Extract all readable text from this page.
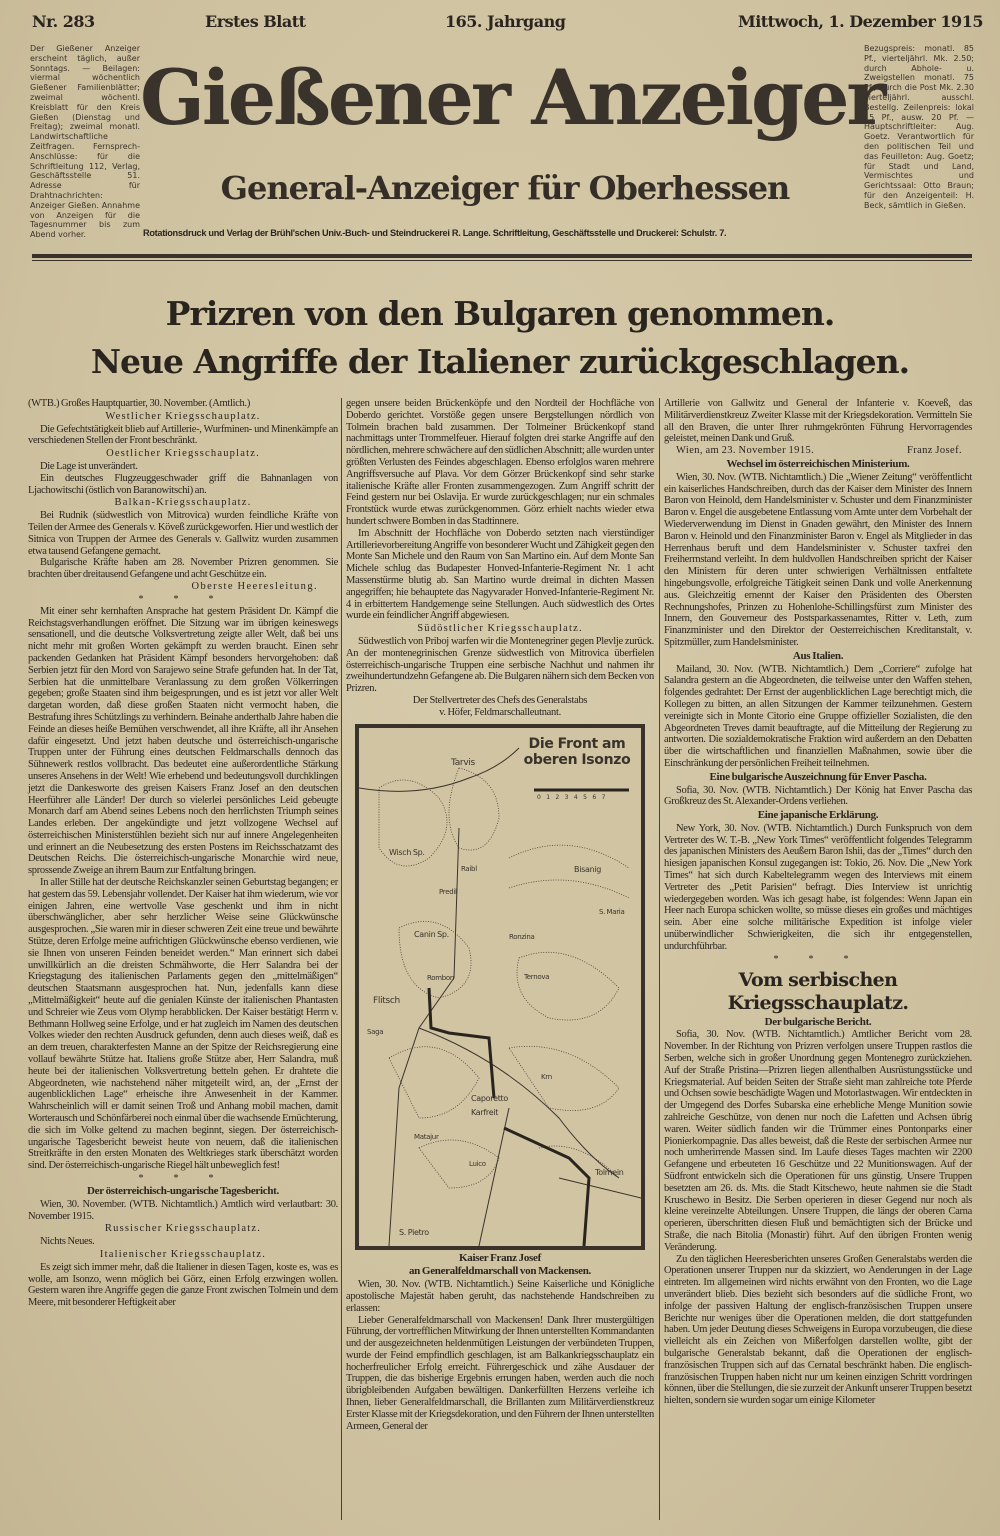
Nr. 283	Erstes Blatt	165. Jahrgang	Mittwoch, 1. Dezember 1915
Der Gießener Anzeiger erscheint täglich, außer Sonntags. — Beilagen: viermal wöchentlich Gießener Familienblätter; zweimal wöchentl. Kreisblatt für den Kreis Gießen (Dienstag und Freitag); zweimal monatl. Landwirtschaftliche Zeitfragen. Fernsprech-Anschlüsse: für die Schriftleitung 112, Verlag, Geschäftsstelle 51. Adresse für Drahtnachrichten: Anzeiger Gießen. Annahme von Anzeigen für die Tagesnummer bis zum Abend vorher.
Bezugspreis: monatl. 85 Pf., vierteljährl. Mk. 2.50; durch Abhole- u. Zweigstellen monatl. 75 Pf.; durch die Post Mk. 2.30 vierteljährl. ausschl. Bestellg. Zeilenpreis: lokal 15 Pf., ausw. 20 Pf. — Hauptschriftleiter: Aug. Goetz. Verantwortlich für den politischen Teil und das Feuilleton: Aug. Goetz; für Stadt und Land, Vermischtes und Gerichtssaal: Otto Braun; für den Anzeigenteil: H. Beck, sämtlich in Gießen.
Gießener Anzeiger
General-Anzeiger für Oberhessen
Rotationsdruck und Verlag der Brühl'schen Univ.-Buch- und Steindruckerei R. Lange. Schriftleitung, Geschäftsstelle und Druckerei: Schulstr. 7.
Prizren von den Bulgaren genommen.
Neue Angriffe der Italiener zurückgeschlagen.

(WTB.) Großes Hauptquartier, 30. November. (Amtlich.)

Westlicher Kriegsschauplatz.

Die Gefechtstätigkeit blieb auf Artillerie-, Wurfminen- und Minenkämpfe an verschiedenen Stellen der Front beschränkt.

Oestlicher Kriegsschauplatz.

Die Lage ist unverändert.

Ein deutsches Flugzeuggeschwader griff die Bahnanlagen von Ljachowitschi (östlich von Baranowitschi) an.

Balkan-Kriegsschauplatz.

Bei Rudnik (südwestlich von Mitrovica) wurden feindliche Kräfte von Teilen der Armee des Generals v. Köveß zurückgeworfen. Hier und westlich der Sitnica von Truppen der Armee des Generals v. Gallwitz wurden zusammen etwa tausend Gefangene gemacht.

Bulgarische Kräfte haben am 28. November Prizren genommen. Sie brachten über dreitausend Gefangene und acht Geschütze ein.

Oberste Heeresleitung.
* * *

Mit einer sehr kernhaften Ansprache hat gestern Präsident Dr. Kämpf die Reichstagsverhandlungen eröffnet. Die Sitzung war im übrigen keineswegs sensationell, und die deutsche Volksvertretung zeigte aller Welt, daß bei uns nicht mehr mit großen Worten gekämpft zu werden braucht. Einen sehr packenden Gedanken hat Präsident Kämpf besonders hervorgehoben: daß Serbien jetzt für den Mord von Sarajewo seine Strafe gefunden hat. In der Tat, Serbien hat die unmittelbare Veranlassung zu dem großen Völkerringen gegeben; große Staaten sind ihm beigesprungen, und es ist jetzt vor aller Welt dargetan worden, daß diese großen Staaten nicht vermocht haben, die Bestrafung ihres Schützlings zu verhindern. Beinahe anderthalb Jahre haben die Feinde an dieses heiße Bemühen verschwendet, all ihre Kräfte, all ihr Ansehen dafür eingesetzt. Und jetzt haben deutsche und österreichisch-ungarische Truppen unter der Führung eines deutschen Feldmarschalls dennoch das Sühnewerk restlos vollbracht. Das bedeutet eine außerordentliche Stärkung unseres Ansehens in der Welt! Wie erhebend und bedeutungsvoll durchklingen jetzt die Dankesworte des greisen Kaisers Franz Josef an den deutschen Heerführer alle Länder! Der durch so vielerlei persönliches Leid gebeugte Monarch darf am Abend seines Lebens noch den herrlichsten Triumph seines Landes erleben. Der angekündigte und jetzt vollzogene Wechsel auf österreichischen Ministerstühlen bezieht sich nur auf innere Angelegenheiten und erinnert an die Neubesetzung des ersten Postens im Reichsschatzamt des Deutschen Reichs. Die österreichisch-ungarische Monarchie wird neue, sprossende Zweige an ihrem Baum zur Entfaltung bringen.

In aller Stille hat der deutsche Reichskanzler seinen Geburtstag begangen; er hat gestern das 59. Lebensjahr vollendet. Der Kaiser hat ihm wiederum, wie vor einigen Jahren, eine wertvolle Vase geschenkt und ihm in nicht überschwänglicher, aber sehr herzlicher Weise seine Glückwünsche ausgesprochen. „Sie waren mir in dieser schweren Zeit eine treue und bewährte Stütze, deren Erfolge meine aufrichtigen Glückwünsche ebenso verdienen, wie sie Ihnen von unseren Feinden beneidet werden.“ Man erinnert sich dabei unwillkürlich an die dreisten Schmähworte, die Herr Salandra bei der Kriegstagung des italienischen Parlaments gegen den „mittelmäßigen“ deutschen Staatsmann ausgesprochen hat. Nun, jedenfalls kann diese „Mittelmäßigkeit“ heute auf die genialen Künste der italienischen Phantasten und Schreier wie Zeus vom Olymp herabblicken. Der Kaiser bestätigt Herrn v. Bethmann Hollweg seine Erfolge, und er hat zugleich im Namen des deutschen Volkes wieder den rechten Ausdruck gefunden, denn auch dieses weiß, daß es an dem treuen, charakterfesten Manne an der Spitze der Reichsregierung eine vollauf bewährte Stütze hat. Italiens große Stütze aber, Herr Salandra, muß heute bei der italienischen Volksvertretung betteln gehen. Er drahtete die Abgeordneten, wie nachstehend näher mitgeteilt wird, an, der „Ernst der augenblicklichen Lage“ erheische ihre Anwesenheit in der Kammer. Wahrscheinlich will er damit seinen Troß und Anhang mobil machen, damit Worterausch und Schönfärberei noch einmal über die wachsende Ernüchterung, die sich im Volke geltend zu machen beginnt, siegen. Der österreichisch-ungarische Tagesbericht beweist heute von neuem, daß die italienischen Streitkräfte in den ersten Monaten des Weltkrieges stark überschätzt worden sind. Der österreichisch-ungarische Riegel hält unbeweglich fest!

* * *
Der österreichisch-ungarische Tagesbericht.

Wien, 30. November. (WTB. Nichtamtlich.) Amtlich wird verlautbart: 30. November 1915.

Russischer Kriegsschauplatz.

Nichts Neues.

Italienischer Kriegsschauplatz.

Es zeigt sich immer mehr, daß die Italiener in diesen Tagen, koste es, was es wolle, am Isonzo, wenn möglich bei Görz, einen Erfolg erzwingen wollen. Gestern waren ihre Angriffe gegen die ganze Front zwischen Tolmein und dem Meere, mit besonderer Heftigkeit aber

gegen unsere beiden Brückenköpfe und den Nordteil der Hochfläche von Doberdo gerichtet. Vorstöße gegen unsere Bergstellungen nördlich von Tolmein brachen bald zusammen. Der Tolmeiner Brückenkopf stand nachmittags unter Trommelfeuer. Hierauf folgten drei starke Angriffe auf den nördlichen, mehrere schwächere auf den südlichen Abschnitt; alle wurden unter größten Verlusten des Feindes abgeschlagen. Ebenso erfolglos waren mehrere Angriffsversuche auf Plava. Vor dem Görzer Brückenkopf sind sehr starke italienische Kräfte aller Fronten zusammengezogen. Zum Angriff schritt der Feind gestern nur bei Oslavija. Er wurde zurückgeschlagen; nur ein schmales Frontstück wurde etwas zurückgenommen. Görz erhielt nachts wieder etwa hundert schwere Bomben in das Stadtinnere.

Im Abschnitt der Hochfläche von Doberdo setzten nach vierstündiger Artillerievorbereitung Angriffe von besonderer Wucht und Zähigkeit gegen den Monte San Michele und den Raum von San Martino ein. Auf dem Monte San Michele schlug das Budapester Honved-Infanterie-Regiment Nr. 1 acht Massenstürme blutig ab. San Martino wurde dreimal in dichten Massen angegriffen; hie behauptete das Nagyvarader Honved-Infanterie-Regiment Nr. 4 in erbittertem Handgemenge seine Stellungen. Auch südwestlich des Ortes wurde ein feindlicher Angriff abgewiesen.

Südöstlicher Kriegsschauplatz.

Südwestlich von Priboj warfen wir die Montenegriner gegen Plevlje zurück. An der montenegrinischen Grenze südwestlich von Mitrovica überfielen österreichisch-ungarische Truppen eine serbische Nachhut und nahmen ihr zweihundertundzehn Gefangene ab. Die Bulgaren nähern sich dem Becken von Prizren.

Der Stellvertreter des Chefs des Generalstabs
v. Höfer, Feldmarschalleutnant.
Die Front am oberen Isonzo
0 1 2 3 4 5 6 7
Tarvis
Wisch Sp.
Raibl
Predil
Bisanig
Canin Sp.
Rombon
Flitsch
Saga
Caporetto
Karfreit
Krn
Matajur
Tolmein
S. Pietro
Luico
Ronzina
Ternova
S. Maria
Kaiser Franz Josef
an Generalfeldmarschall von Mackensen.

Wien, 30. Nov. (WTB. Nichtamtlich.) Seine Kaiserliche und Königliche apostolische Majestät haben geruht, das nachstehende Handschreiben zu erlassen:

Lieber Generalfeldmarschall von Mackensen! Dank Ihrer mustergültigen Führung, der vortrefflichen Mitwirkung der Ihnen unterstellten Kommandanten und der ausgezeichneten heldenmütigen Leistungen der verbündeten Truppen, wurde der Feind empfindlich geschlagen, ist am Balkankriegsschauplatz ein hocherfreulicher Erfolg erreicht. Führergeschick und zähe Ausdauer der Truppen, die das bisherige Ergebnis errungen haben, werden auch die noch übrigbleibenden Aufgaben bewältigen. Dankerfüllten Herzens verleihe ich Ihnen, lieber Generalfeldmarschall, die Brillanten zum Militärverdienstkreuz Erster Klasse mit der Kriegsdekoration, und den Führern der Ihnen unterstellten Armeen, General der

Artillerie von Gallwitz und General der Infanterie v. Koeveß, das Militärverdienstkreuz Zweiter Klasse mit der Kriegsdekoration. Vermitteln Sie all den Braven, die unter Ihrer ruhmgekrönten Führung Hervorragendes geleistet, meinen Dank und Gruß.

Wien, am 23. November 1915.	Franz Josef.
Wechsel im österreichischen Ministerium.

Wien, 30. Nov. (WTB. Nichtamtlich.) Die „Wiener Zeitung“ veröffentlicht ein kaiserliches Handschreiben, durch das der Kaiser dem Minister des Innern Baron von Heinold, dem Handelsminister v. Schuster und dem Finanzminister Baron v. Engel die ausgebetene Entlassung vom Amte unter dem Vorbehalt der Wiederverwendung im Dienst in Gnaden gewährt, den Minister des Innern Baron v. Heinold und den Finanzminister Baron v. Engel als Mitglieder in das Herrenhaus beruft und dem Handelsminister v. Schuster taxfrei den Freiherrnstand verleiht. In dem huldvollen Handschreiben spricht der Kaiser den Ministern für deren unter schwierigen Verhältnissen entfaltete hingebungsvolle, erfolgreiche Tätigkeit seinen Dank und volle Anerkennung aus. Gleichzeitig ernennt der Kaiser den Präsidenten des Obersten Rechnungshofes, Prinzen zu Hohenlohe-Schillingsfürst zum Minister des Innern, den Gouverneur des Postsparkassenamtes, Ritter v. Leth, zum Finanzminister und den Direktor der Oesterreichischen Kreditanstalt, v. Spitzmüller, zum Handelsminister.

Aus Italien.

Mailand, 30. Nov. (WTB. Nichtamtlich.) Dem „Corriere“ zufolge hat Salandra gestern an die Abgeordneten, die teilweise unter den Waffen stehen, folgendes gedrahtet: Der Ernst der augenblicklichen Lage berechtigt mich, die Kollegen zu bitten, an allen Sitzungen der Kammer teilzunehmen. Gestern vereinigte sich in Monte Citorio eine Gruppe offizieller Sozialisten, die den Abgeordneten Treves damit beauftragte, auf die Mitteilung der Regierung zu antworten. Die sozialdemokratische Fraktion wird außerdem an den Debatten über die wirtschaftlichen und finanziellen Maßnahmen, sowie über die Einschränkung der persönlichen Freiheit teilnehmen.

Eine bulgarische Auszeichnung für Enver Pascha.

Sofia, 30. Nov. (WTB. Nichtamtlich.) Der König hat Enver Pascha das Großkreuz des St. Alexander-Ordens verliehen.

Eine japanische Erklärung.

New York, 30. Nov. (WTB. Nichtamtlich.) Durch Funkspruch von dem Vertreter des W. T.-B. „New York Times“ veröffentlicht folgendes Telegramm des japanischen Ministers des Aeußern Baron Ishii, das der „Times“ durch den hiesigen japanischen Konsul zugegangen ist: Tokio, 26. Nov. Die „New York Times“ hat sich durch Kabeltelegramm wegen des Interviews mit einem Vertreter des „Petit Parisien“ befragt. Dies Interview ist unrichtig wiedergegeben worden. Was ich gesagt habe, ist folgendes: Wenn Japan ein Heer nach Europa schicken wollte, so müsse dieses ein großes und mächtiges sein. Aber eine solche militärische Expedition ist infolge vieler unüberwindlicher Schwierigkeiten, die sich ihr entgegenstellen, undurchführbar.

* * *
Vom serbischen Kriegsschauplatz.
Der bulgarische Bericht.

Sofia, 30. Nov. (WTB. Nichtamtlich.) Amtlicher Bericht vom 28. November. In der Richtung von Prizren verfolgen unsere Truppen rastlos die Serben, welche sich in großer Unordnung gegen Montenegro zurückziehen. Auf der Straße Pristina—Prizren liegen allenthalben Ausrüstungsstücke und Kriegsmaterial. Auf beiden Seiten der Straße sieht man zahlreiche tote Pferde und Ochsen sowie beschädigte Wagen und Motorlastwagen. Wir entdeckten in der Umgegend des Dorfes Subarska eine erhebliche Menge Munition sowie zahlreiche Geschütze, von denen nur noch die Lafetten und Achsen übrig waren. Weiter südlich fanden wir die Trümmer eines Pontonparks einer Pionierkompagnie. Das alles beweist, daß die Reste der serbischen Armee nur noch umherirrende Massen sind. Im Laufe dieses Tages machten wir 2200 Gefangene und erbeuteten 16 Geschütze und 22 Munitionswagen. Auf der Südfront entwickeln sich die Operationen für uns günstig. Unsere Truppen besetzten am 26. ds. Mts. die Stadt Kitschewo, heute nahmen sie die Stadt Kruschewo in Besitz. Die Serben operieren in dieser Gegend nur noch als kleine vereinzelte Abteilungen. Unsere Truppen, die längs der oberen Carna operieren, überschritten diesen Fluß und bemächtigten sich der Brücke und Straße, die nach Bitolia (Monastir) führt. Auf den übrigen Fronten wenig Veränderung.

Zu den täglichen Heeresberichten unseres Großen Generalstabs werden die Operationen unserer Truppen nur da skizziert, wo Aenderungen in der Lage eintreten. Im allgemeinen wird nichts erwähnt von den Fronten, wo die Lage unverändert blieb. Dies bezieht sich besonders auf die südliche Front, wo infolge der passiven Haltung der englisch-französischen Truppen unsere Berichte nur weniges über die Operationen melden, die dort stattgefunden haben. Um jeder Deutung dieses Schweigens in Europa vorzubeugen, die diese vielleicht als ein Zeichen von Mißerfolgen darstellen wollte, gibt der bulgarische Generalstab bekannt, daß die Operationen der englisch-französischen Truppen sich auf das Cernatal beschränkt haben. Die englisch-französischen Truppen haben nicht nur um keinen einzigen Schritt vordringen können, über die Stellungen, die sie zurzeit der Ankunft unserer Truppen besetzt hielten, sondern sie wurden sogar um einige Kilometer
